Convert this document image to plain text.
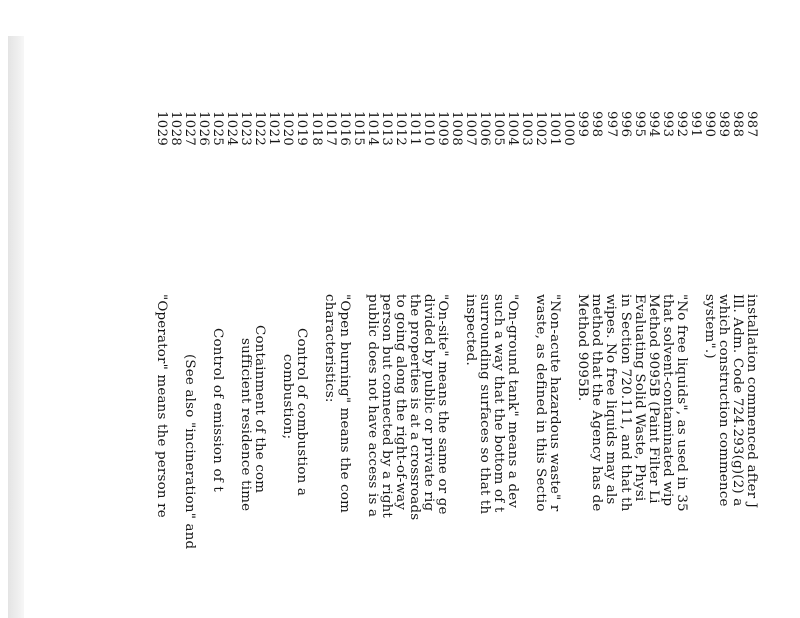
987
988
989
990
991
992
993
994
995
996
997
998
999
1000
1001
1002
1003
1004
1005
1006
1007
1008
1009
1010
1011
1012
1013
1014
1015
1016
1017
1018
1019
1020
1021
1022
1023
1024
1025
1026
1027
1028
1029
installation commenced after J
Ill. Adm. Code 724.293(g)(2) a
which construction commence
system".)
"No free liquids", as used in 35
that solvent-contaminated wip
Method 9095B (Paint Filter Li
Evaluating Solid Waste, Physi
in Section 720.111, and that th
wipes. No free liquids may als
method that the Agency has de
Method 9095B.
"Non-acute hazardous waste" r
waste, as defined in this Sectio
"On-ground tank" means a dev
such a way that the bottom of t
surrounding surfaces so that th
inspected.
"On-site" means the same or ge
divided by public or private rig
the properties is at a crossroads
to going along the right-of-way
person but connected by a right
public does not have access is a
"Open burning" means the com
characteristics:
Control of combustion a
combustion;
Containment of the com
sufficient residence time
Control of emission of t
(See also "incineration" and
"Operator" means the person re
